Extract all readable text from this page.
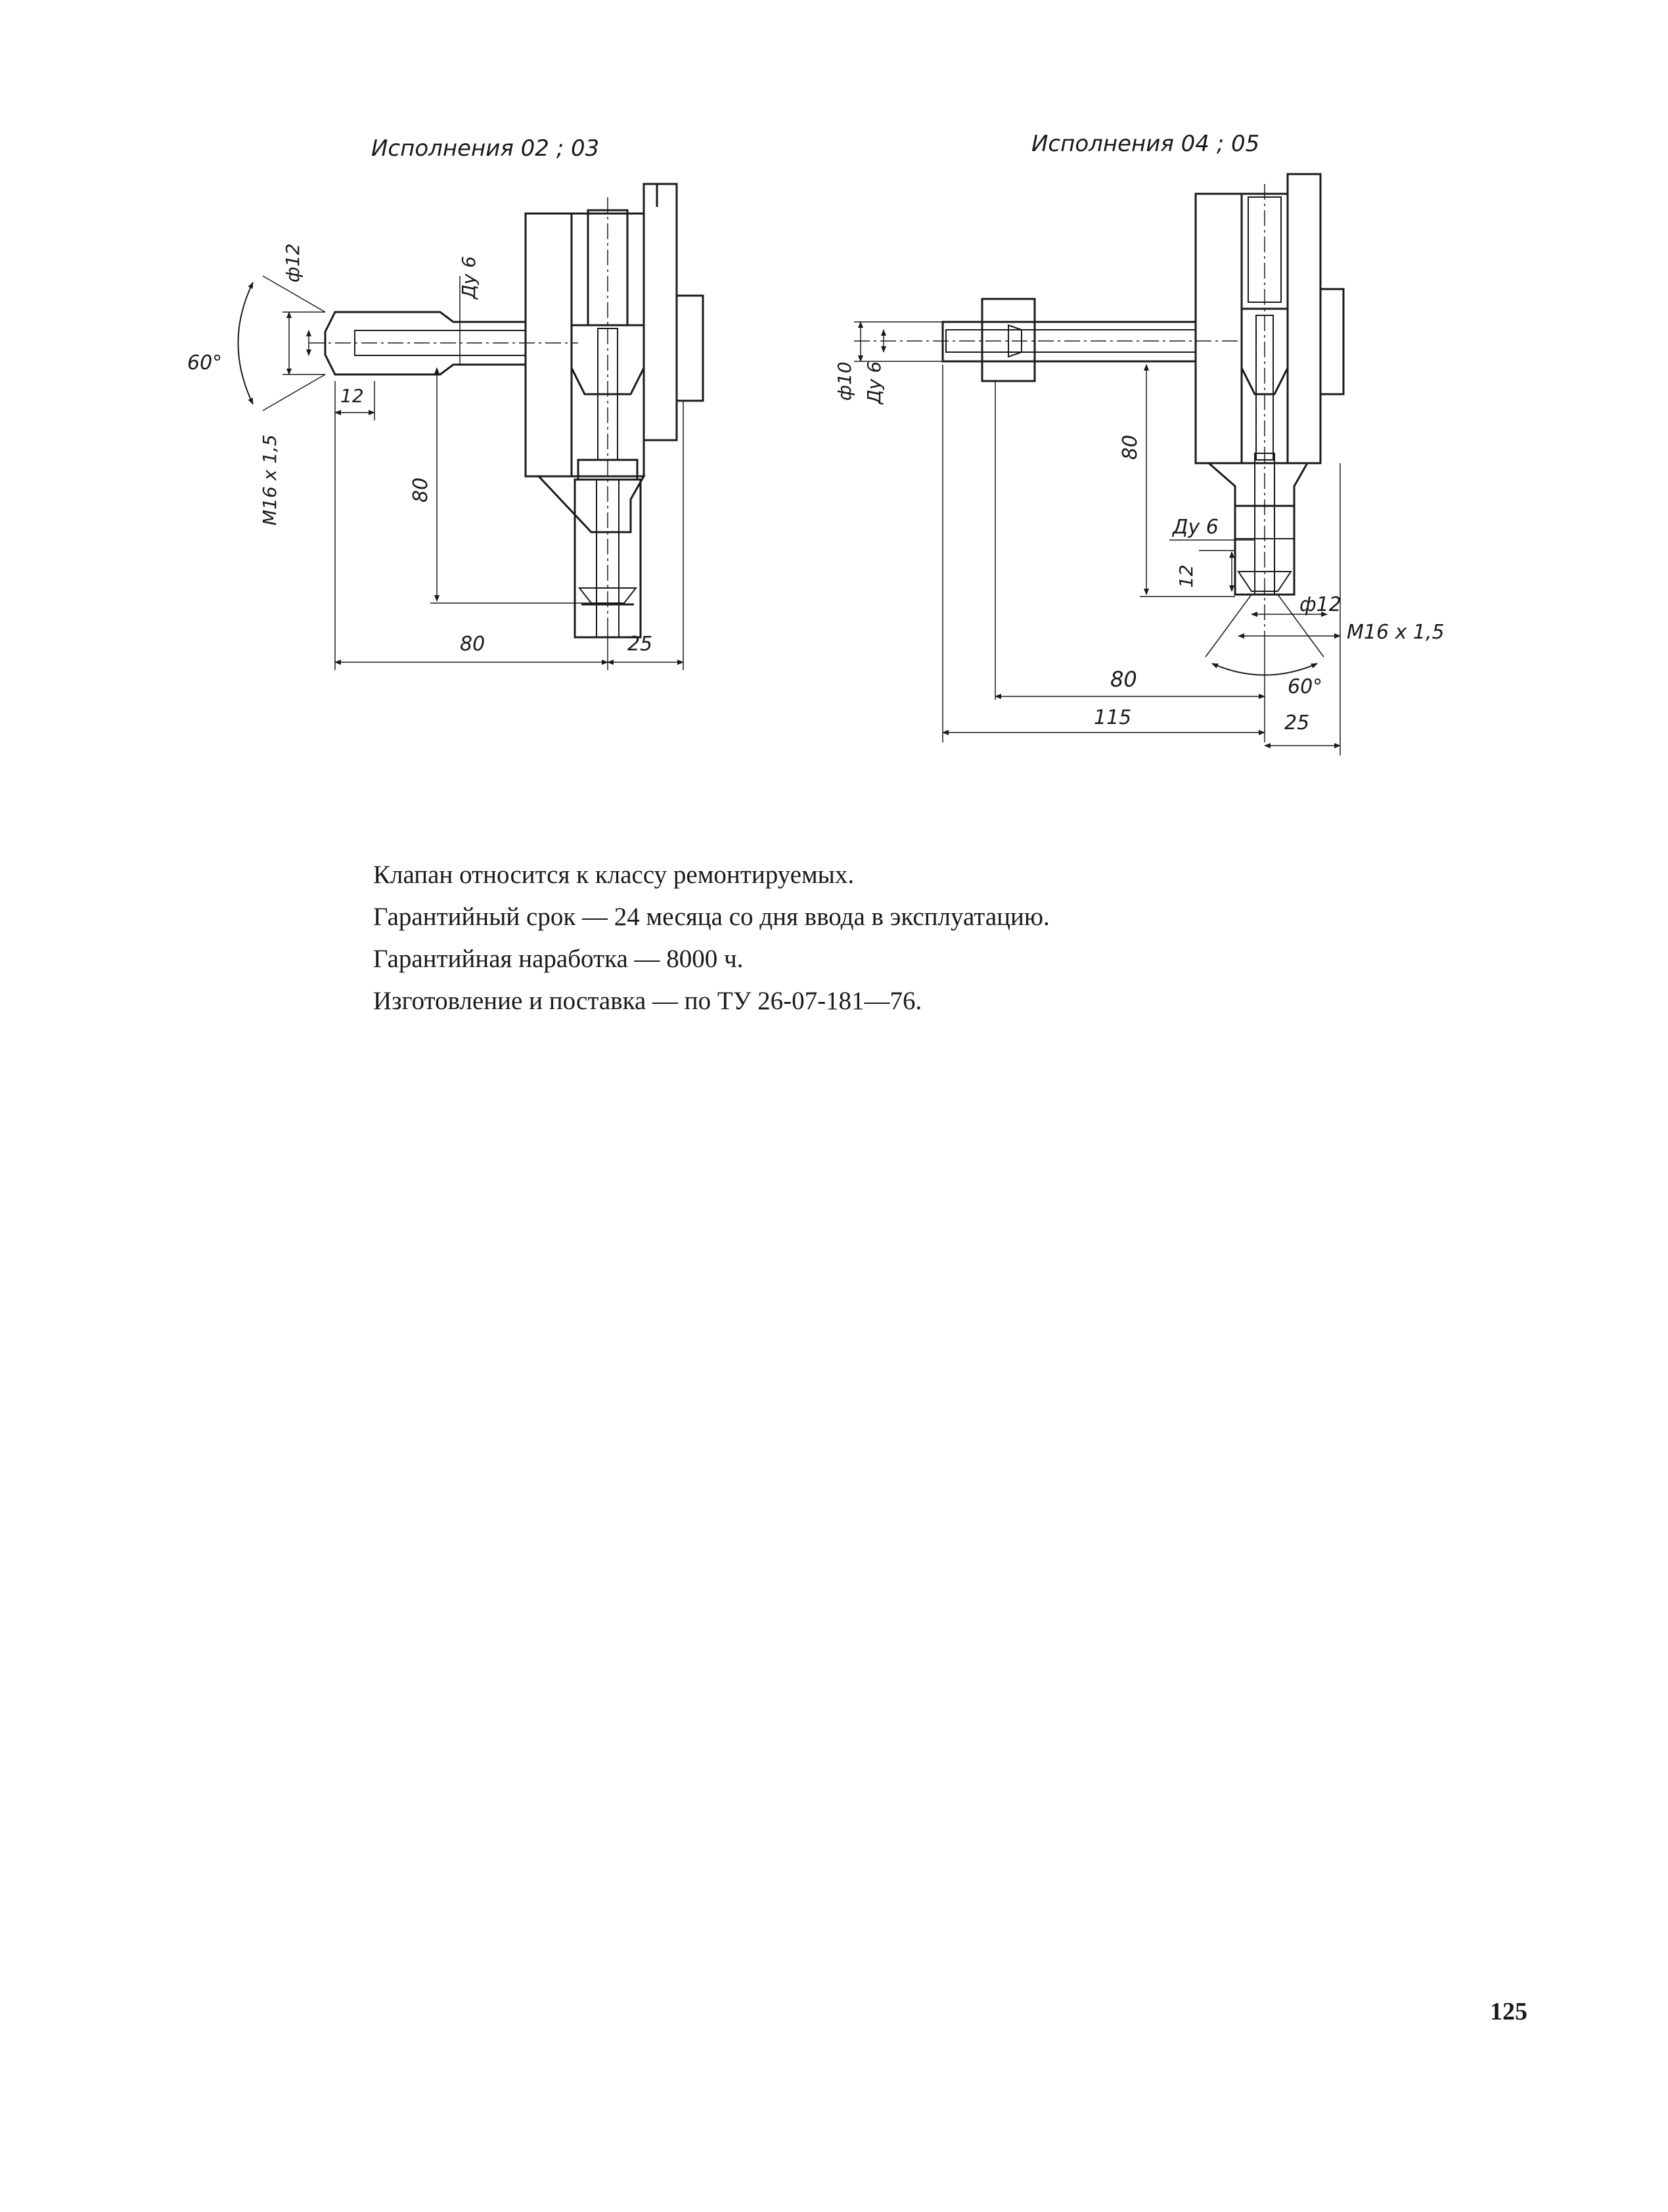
Исполнения 02 ; 03
ф12	Ду 6
60°
M16 x 1,5
12
80
80	25
Исполнения 04 ; 05
ф10 Ду 6
80
Ду 6
12
ф12
M16 x 1,5
60°
80
115	25

Клапан относится к классу ремонтируемых.

Гарантийный срок — 24 месяца со дня ввода в эксплуатацию.

Гарантийная наработка — 8000 ч.

Изготовление и поставка — по ТУ 26-07-181—76.

125
